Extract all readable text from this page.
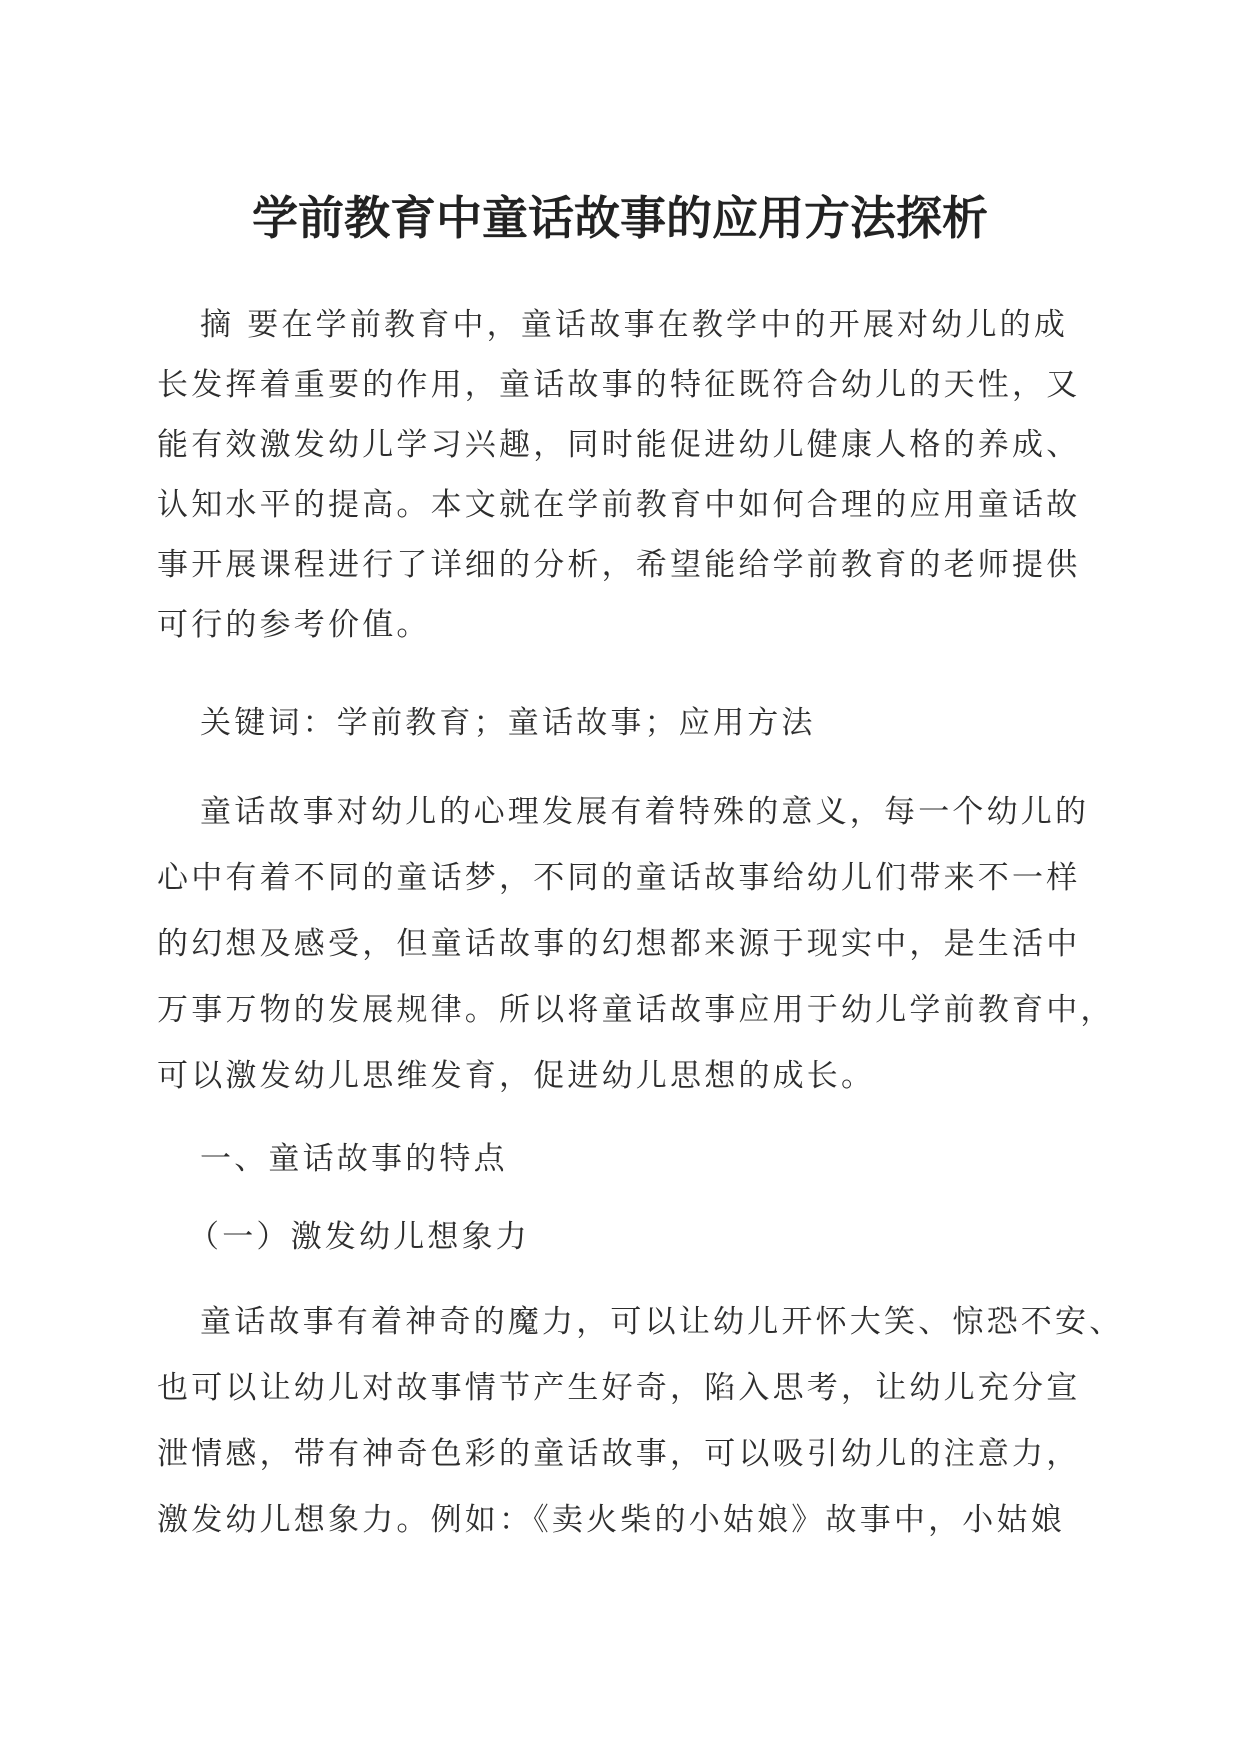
学前教育中童话故事的应用方法探析
摘 要在学前教育中，童话故事在教学中的开展对幼儿的成
长发挥着重要的作用，童话故事的特征既符合幼儿的天性，又
能有效激发幼儿学习兴趣，同时能促进幼儿健康人格的养成、
认知水平的提高。本文就在学前教育中如何合理的应用童话故
事开展课程进行了详细的分析，希望能给学前教育的老师提供
可行的参考价值。
关键词：学前教育；童话故事；应用方法
童话故事对幼儿的心理发展有着特殊的意义，每一个幼儿的
心中有着不同的童话梦，不同的童话故事给幼儿们带来不一样
的幻想及感受，但童话故事的幻想都来源于现实中，是生活中
万事万物的发展规律。所以将童话故事应用于幼儿学前教育中，
可以激发幼儿思维发育，促进幼儿思想的成长。
一、童话故事的特点
（一）激发幼儿想象力
童话故事有着神奇的魔力，可以让幼儿开怀大笑、惊恐不安、
也可以让幼儿对故事情节产生好奇，陷入思考，让幼儿充分宣
泄情感，带有神奇色彩的童话故事，可以吸引幼儿的注意力，
激发幼儿想象力。例如：《卖火柴的小姑娘》故事中，小姑娘
